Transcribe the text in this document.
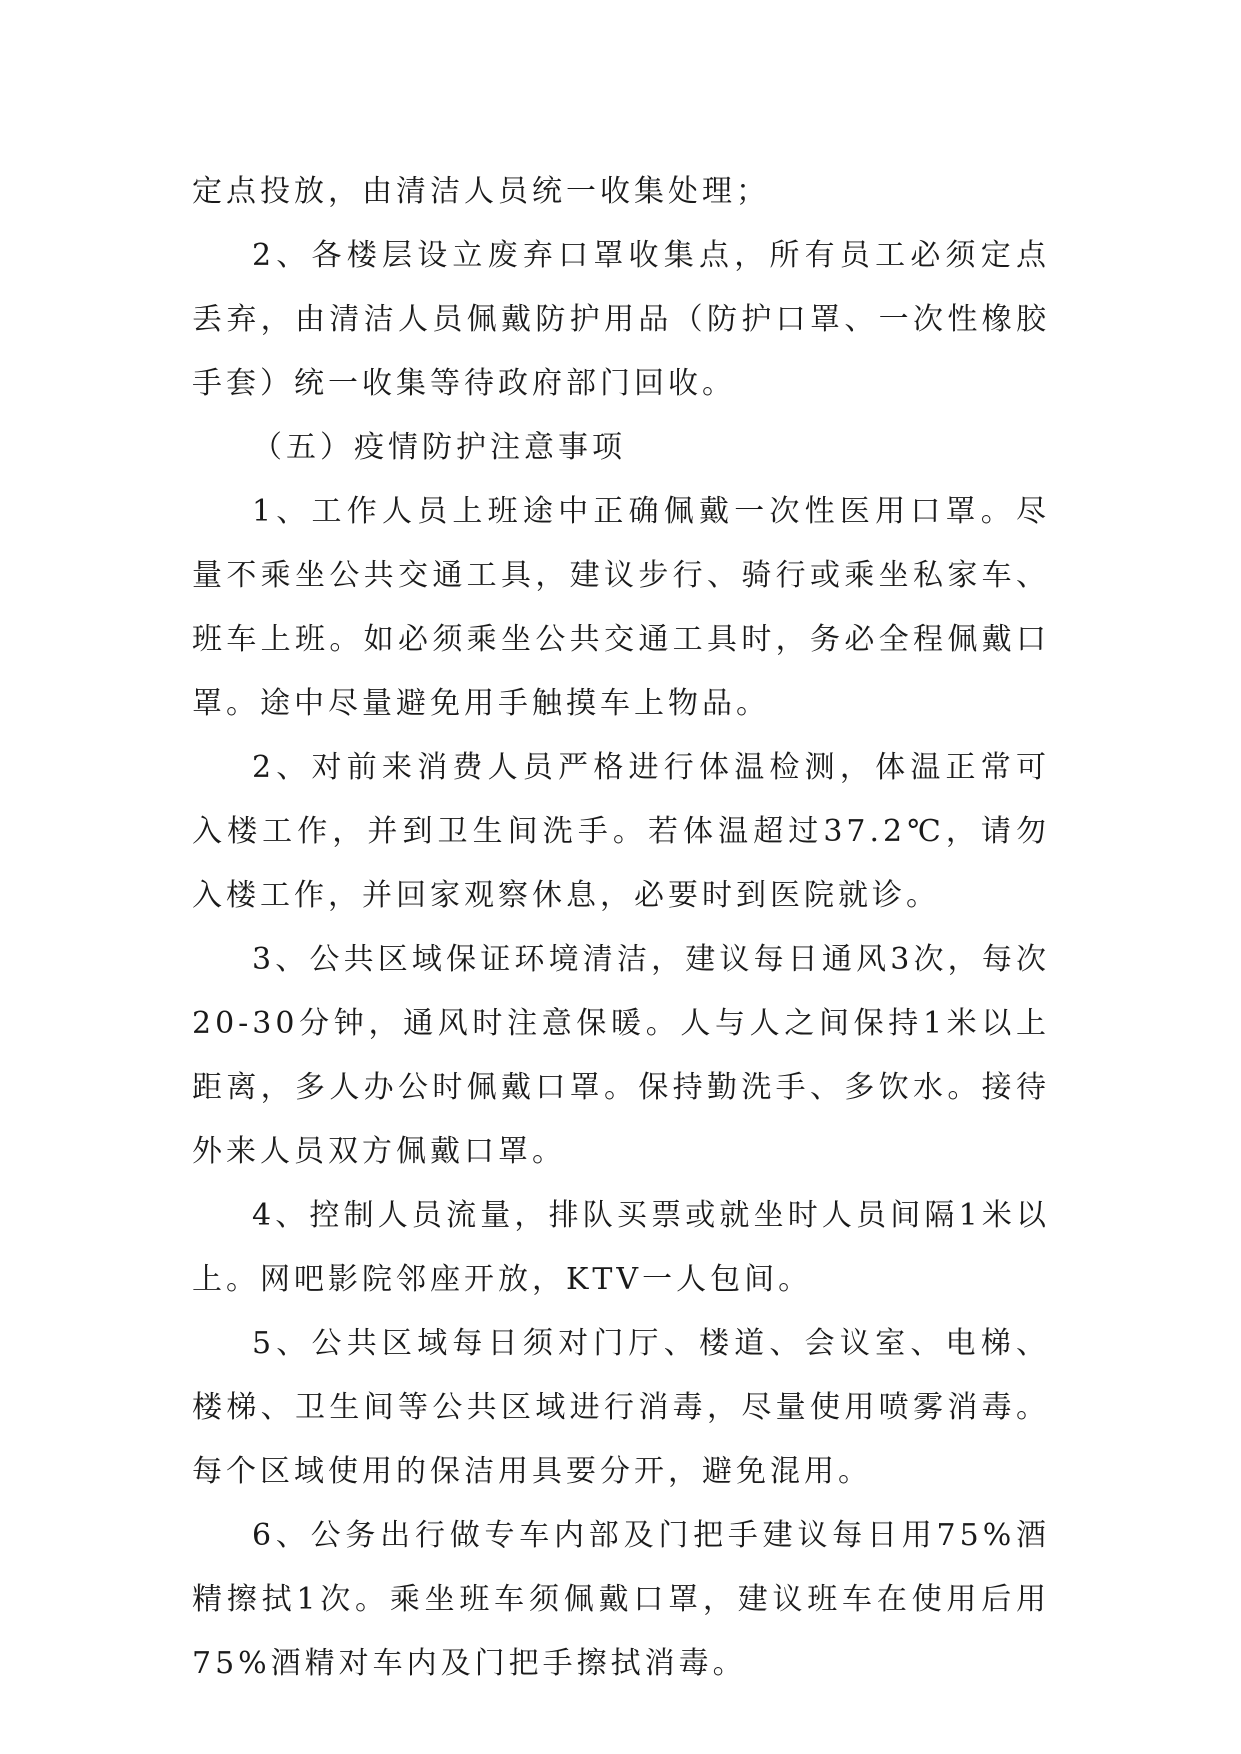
定点投放，由清洁人员统一收集处理；

2、各楼层设立废弃口罩收集点，所有员工必须定点丢弃，由清洁人员佩戴防护用品（防护口罩、一次性橡胶手套）统一收集等待政府部门回收。

（五）疫情防护注意事项

1、工作人员上班途中正确佩戴一次性医用口罩。尽量不乘坐公共交通工具，建议步行、骑行或乘坐私家车、班车上班。如必须乘坐公共交通工具时，务必全程佩戴口罩。途中尽量避免用手触摸车上物品。

2、对前来消费人员严格进行体温检测，体温正常可入楼工作，并到卫生间洗手。若体温超过37.2℃，请勿入楼工作，并回家观察休息，必要时到医院就诊。

3、公共区域保证环境清洁，建议每日通风3次，每次20-30分钟，通风时注意保暖。人与人之间保持1米以上距离，多人办公时佩戴口罩。保持勤洗手、多饮水。接待外来人员双方佩戴口罩。

4、控制人员流量，排队买票或就坐时人员间隔1米以上。网吧影院邻座开放，KTV一人包间。

5、公共区域每日须对门厅、楼道、会议室、电梯、楼梯、卫生间等公共区域进行消毒，尽量使用喷雾消毒。每个区域使用的保洁用具要分开，避免混用。

6、公务出行做专车内部及门把手建议每日用75%酒精擦拭1次。乘坐班车须佩戴口罩，建议班车在使用后用75%酒精对车内及门把手擦拭消毒。
